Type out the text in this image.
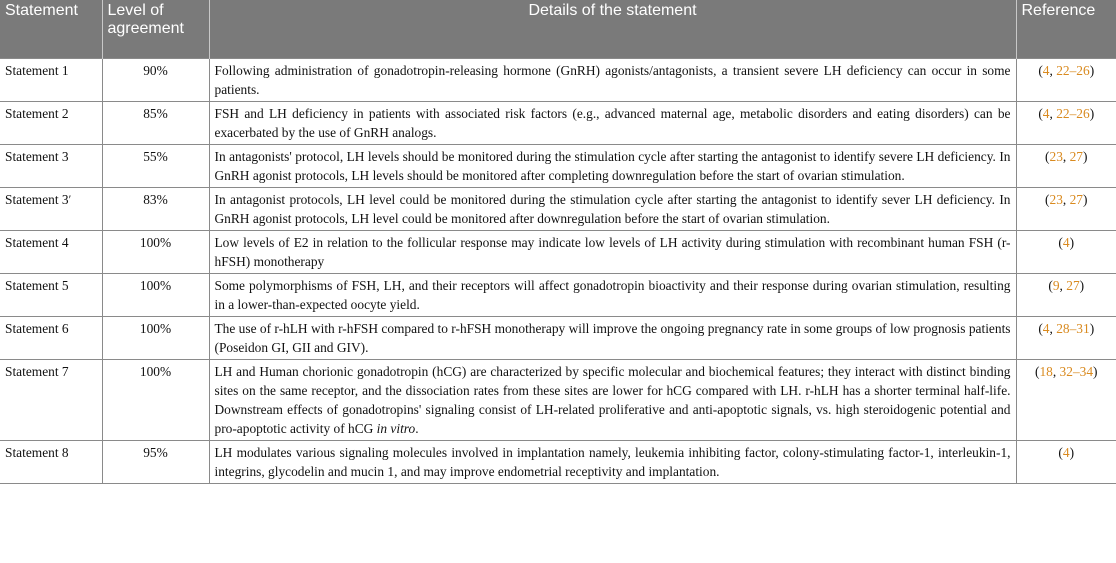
Statement	Level of agreement	Details of the statement	Reference
Statement 1	90%	Following administration of gonadotropin-releasing hormone (GnRH) agonists/antagonists, a transient severe LH deficiency can occur in some patients.	(4, 22–26)
Statement 2	85%	FSH and LH deficiency in patients with associated risk factors (e.g., advanced maternal age, metabolic disorders and eating disorders) can be exacerbated by the use of GnRH analogs.	(4, 22–26)
Statement 3	55%	In antagonists' protocol, LH levels should be monitored during the stimulation cycle after starting the antagonist to identify severe LH deficiency. In GnRH agonist protocols, LH levels should be monitored after completing downregulation before the start of ovarian stimulation.	(23, 27)
Statement 3′	83%	In antagonist protocols, LH level could be monitored during the stimulation cycle after starting the antagonist to identify sever LH deficiency. In GnRH agonist protocols, LH level could be monitored after downregulation before the start of ovarian stimulation.	(23, 27)
Statement 4	100%	Low levels of E2 in relation to the follicular response may indicate low levels of LH activity during stimulation with recombinant human FSH (r-hFSH) monotherapy	(4)
Statement 5	100%	Some polymorphisms of FSH, LH, and their receptors will affect gonadotropin bioactivity and their response during ovarian stimulation, resulting in a lower-than-expected oocyte yield.	(9, 27)
Statement 6	100%	The use of r-hLH with r-hFSH compared to r-hFSH monotherapy will improve the ongoing pregnancy rate in some groups of low prognosis patients (Poseidon GI, GII and GIV).	(4, 28–31)
Statement 7	100%	LH and Human chorionic gonadotropin (hCG) are characterized by specific molecular and biochemical features; they interact with distinct binding sites on the same receptor, and the dissociation rates from these sites are lower for hCG compared with LH. r-hLH has a shorter terminal half-life. Downstream effects of gonadotropins' signaling consist of LH-related proliferative and anti-apoptotic signals, vs. high steroidogenic potential and pro-apoptotic activity of hCG in vitro.	(18, 32–34)
Statement 8	95%	LH modulates various signaling molecules involved in implantation namely, leukemia inhibiting factor, colony-stimulating factor-1, interleukin-1, integrins, glycodelin and mucin 1, and may improve endometrial receptivity and implantation.	(4)
